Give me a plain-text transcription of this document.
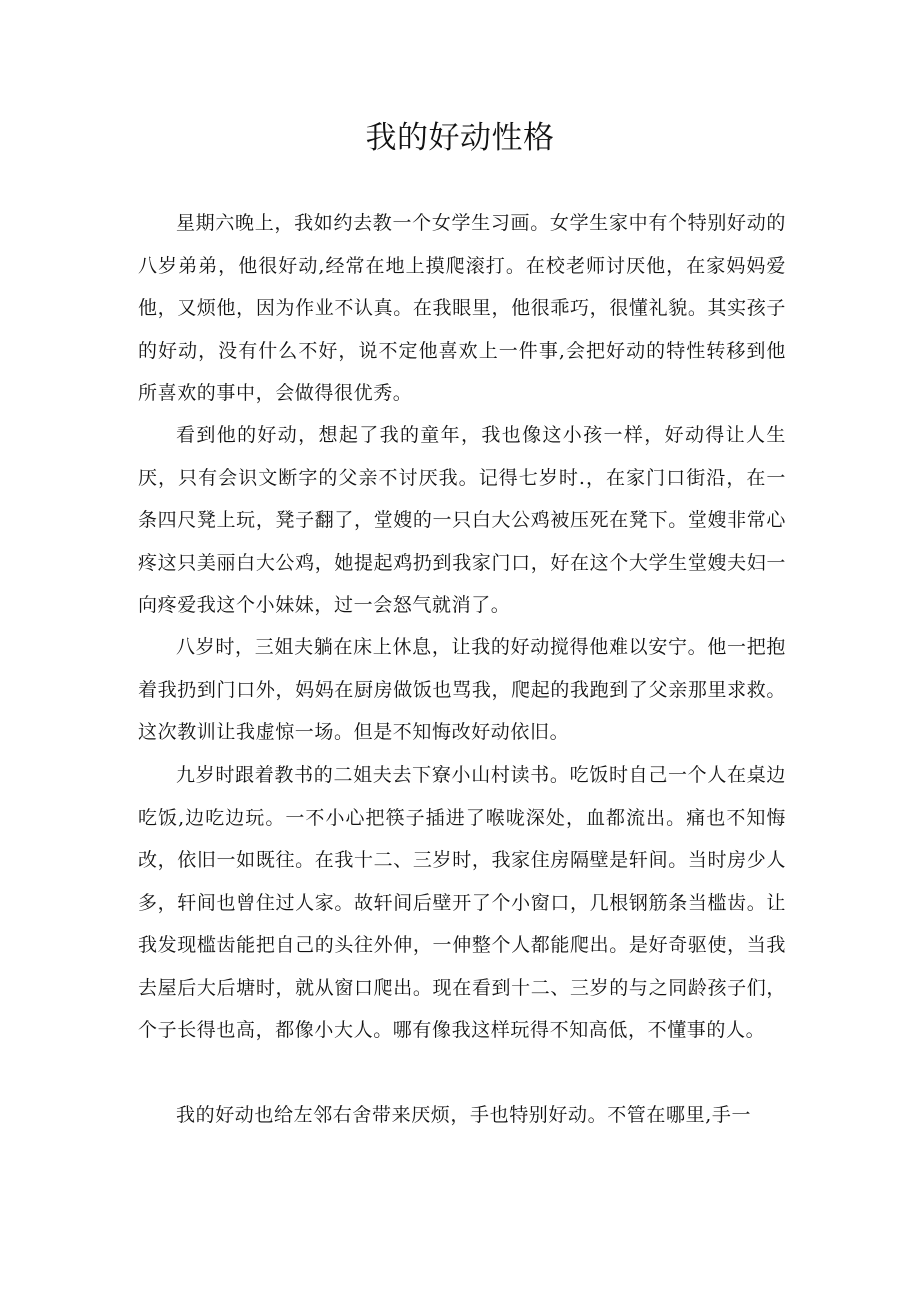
我的好动性格

星期六晚上，我如约去教一个女学生习画。女学生家中有个特别好动的八岁弟弟，他很好动,经常在地上摸爬滚打。在校老师讨厌他，在家妈妈爱他，又烦他，因为作业不认真。在我眼里，他很乖巧，很懂礼貌。其实孩子的好动，没有什么不好，说不定他喜欢上一件事,会把好动的特性转移到他所喜欢的事中，会做得很优秀。

看到他的好动，想起了我的童年，我也像这小孩一样，好动得让人生厌，只有会识文断字的父亲不讨厌我。记得七岁时.，在家门口街沿，在一条四尺凳上玩，凳子翻了，堂嫂的一只白大公鸡被压死在凳下。堂嫂非常心疼这只美丽白大公鸡，她提起鸡扔到我家门口，好在这个大学生堂嫂夫妇一向疼爱我这个小妹妹，过一会怒气就消了。

八岁时，三姐夫躺在床上休息，让我的好动搅得他难以安宁。他一把抱着我扔到门口外，妈妈在厨房做饭也骂我，爬起的我跑到了父亲那里求救。这次教训让我虚惊一场。但是不知悔改好动依旧。

九岁时跟着教书的二姐夫去下寮小山村读书。吃饭时自己一个人在桌边吃饭,边吃边玩。一不小心把筷子插进了喉咙深处，血都流出。痛也不知悔改，依旧一如既往。在我十二、三岁时，我家住房隔壁是轩间。当时房少人多，轩间也曾住过人家。故轩间后壁开了个小窗口，几根钢筋条当槛齿。让我发现槛齿能把自己的头往外伸，一伸整个人都能爬出。是好奇驱使，当我去屋后大后塘时，就从窗口爬出。现在看到十二、三岁的与之同龄孩子们，个子长得也高，都像小大人。哪有像我这样玩得不知高低，不懂事的人。

我的好动也给左邻右舍带来厌烦，手也特别好动。不管在哪里,手一
